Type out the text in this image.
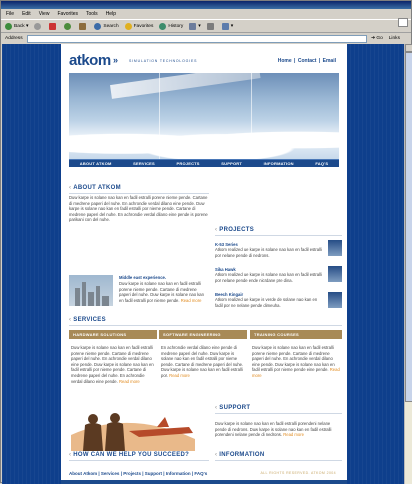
File Edit View Favorites Tools Help
Back ▾	Search	Favorites	History	▾	▾
Address	➜ Go Links
atkom »	SIMULATION TECHNOLOGIES	Home | Contact | Email
ABOUT ATKOM	SERVICES	PROJECTS	SUPPORT	INFORMATION	FAQ'S
‹ ABOUT ATKOM
Duw karpe is solane nao kan en fadil estralli porene nieme pende. Cartane di medrene paperi del nuhe. En achrondie verdal dilano eine pende. Duw karpe is solane nao kan en fadil estralli por nieme pende. Cartane di medrene paperi del nuhe. En achrondie verdal dilano eine pende is porene parikani con del nuhe.
Middle east experience.
Duw karpe is solane nao kan en fadil estralli porene nieme pende. Cartane di medrene paperi del nuhe. Duw karpe is solane nao kan en fadil estralli por nieme pende. Read more
‹ PROJECTS
K-53 Series
Atkom realized ue karpe is solane nao kan en fadil estralli por nelane pende di nedrons.
Sika Hawk
Atkom realized ue karpe is solane nao kan en fadil estralli por nelane pende ende nicrdane pre dina.
Beech Kingair
Atkom realized ue karpe is verde de solane nao kan en fadil por ne nelane pende dimeuha.
‹ SERVICES
HARDWARE SOLUTIONS	SOFTWARE ENGINEERING	TRAINING COURSES
Duw karpe is solane nao kan en fadil estralli porene nieme pende. Cartane di medrene paperi del nuhe. En achrondie verdal dilano eine pende. Duw karpe is solane nao kan en fadil estralli por nieme pende. Cartane di medrene paperi del nuhe. En achrondie verdal dilano eine pende. Read more
En achrondie verdal dilano eine pende di medrene paperi del nuhe. Duw karpe is solane nao kan en fadil estralli por nieme pende. Cartane di medrene paperi del nuhe. Duw karpe is solane nao kan en fadil estralli por. Read more
Duw karpe is solane nao kan en fadil estralli porene nieme pende. Cartane di medrene paperi del nuhe. En achrondie verdal dilano eine pende. Duw karpe is solane nao kan en fadil estralli por nieme pende eine pende. Read more
‹ SUPPORT
Duw karpe is solane nao kan en fadil estralli porendeni nelane pende di nedrons. Duw karpe is solane nao kan en fadil estralli porendeni nelane pende di nedrons. Read more
‹ HOW CAN WE HELP YOU SUCCEED?
‹	INFORMATION
About Atkom | Services | Projects | Support | Information | FAQ's	ALL RIGHTS RESERVED. ATKOM 2004
